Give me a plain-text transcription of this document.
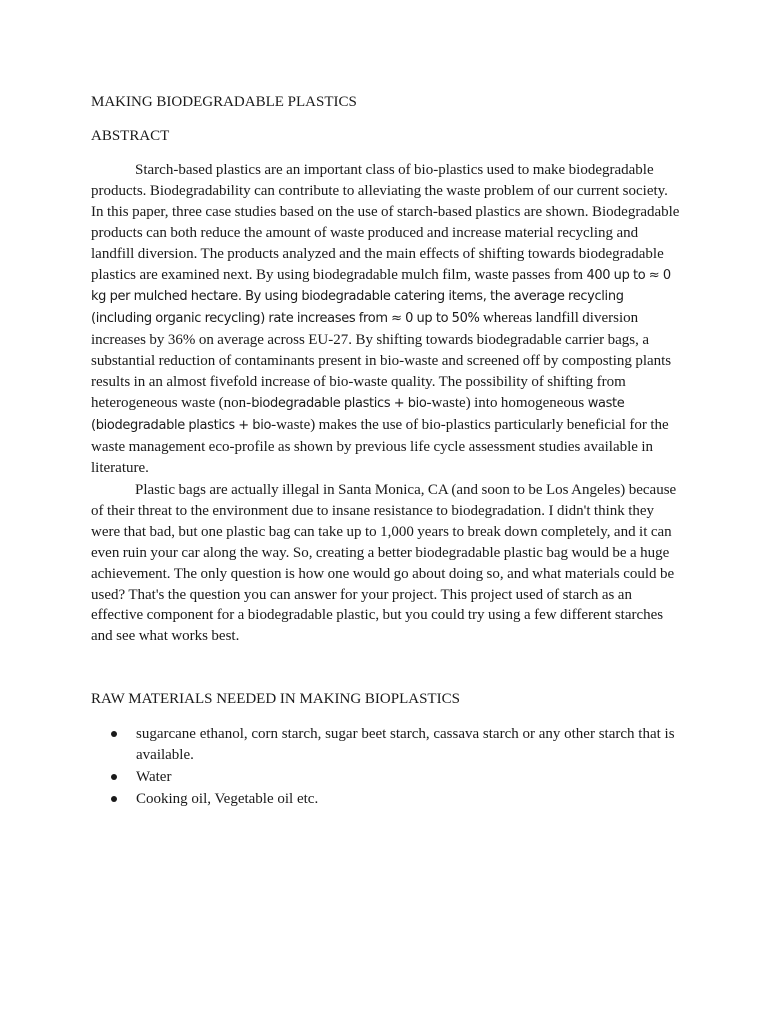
MAKING BIODEGRADABLE PLASTICS
ABSTRACT

Starch-based plastics are an important class of bio-plastics used to make biodegradable products. Biodegradability can contribute to alleviating the waste problem of our current society. In this paper, three case studies based on the use of starch-based plastics are shown. Biodegradable products can both reduce the amount of waste produced and increase material recycling and landfill diversion. The products analyzed and the main effects of shifting towards biodegradable plastics are examined next. By using biodegradable mulch film, waste passes from 400 up to ≈ 0 kg per mulched hectare. By using biodegradable catering items, the average recycling (including organic recycling) rate increases from ≈ 0 up to 50% whereas landfill diversion increases by 36% on average across EU-27. By shifting towards biodegradable carrier bags, a substantial reduction of contaminants present in bio-waste and screened off by composting plants results in an almost fivefold increase of bio-waste quality. The possibility of shifting from heterogeneous waste (non-biodegradable plastics + bio-waste) into homogeneous waste (biodegradable plastics + bio-waste) makes the use of bio-plastics particularly beneficial for the waste management eco-profile as shown by previous life cycle assessment studies available in literature.

Plastic bags are actually illegal in Santa Monica, CA (and soon to be Los Angeles) because of their threat to the environment due to insane resistance to biodegradation. I didn't think they were that bad, but one plastic bag can take up to 1,000 years to break down completely, and it can even ruin your car along the way. So, creating a better biodegradable plastic bag would be a huge achievement. The only question is how one would go about doing so, and what materials could be used? That's the question you can answer for your project. This project used of starch as an effective component for a biodegradable plastic, but you could try using a few different starches and see what works best.

RAW MATERIALS NEEDED IN MAKING BIOPLASTICS
sugarcane ethanol, corn starch, sugar beet starch, cassava starch or any other starch that is available.
Water
Cooking oil, Vegetable oil etc.
